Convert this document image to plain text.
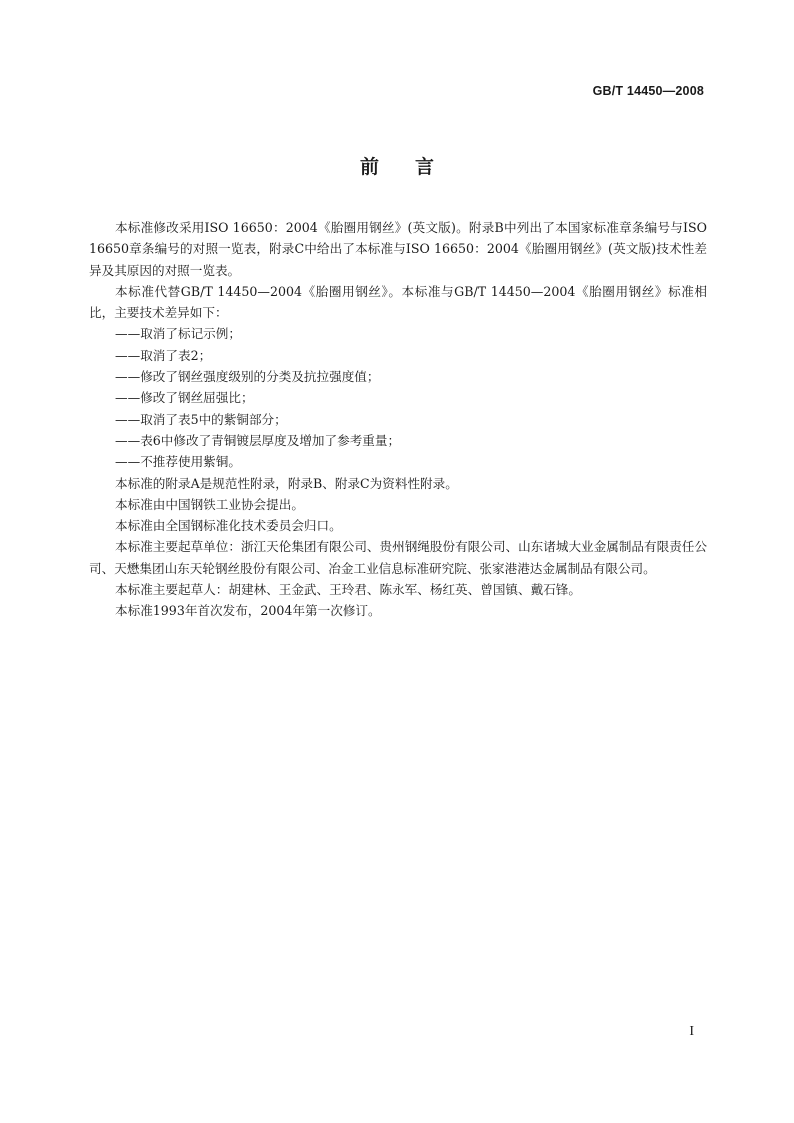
GB/T 14450—2008
前言

本标准修改采用ISO 16650：2004《胎圈用钢丝》(英文版)。附录B中列出了本国家标准章条编号与ISO 16650章条编号的对照一览表，附录C中给出了本标准与ISO 16650：2004《胎圈用钢丝》(英文版)技术性差异及其原因的对照一览表。

本标准代替GB/T 14450—2004《胎圈用钢丝》。本标准与GB/T 14450—2004《胎圈用钢丝》标准相比，主要技术差异如下：

——取消了标记示例；

——取消了表2；

——修改了钢丝强度级别的分类及抗拉强度值；

——修改了钢丝屈强比；

——取消了表5中的紫铜部分；

——表6中修改了青铜镀层厚度及增加了参考重量；

——不推荐使用紫铜。

本标准的附录A是规范性附录，附录B、附录C为资料性附录。

本标准由中国钢铁工业协会提出。

本标准由全国钢标准化技术委员会归口。

本标准主要起草单位：浙江天伦集团有限公司、贵州钢绳股份有限公司、山东诸城大业金属制品有限责任公司、天懋集团山东天轮钢丝股份有限公司、冶金工业信息标准研究院、张家港港达金属制品有限公司。

本标准主要起草人：胡建林、王金武、王玲君、陈永军、杨红英、曾国镇、戴石锋。

本标准1993年首次发布，2004年第一次修订。

I
